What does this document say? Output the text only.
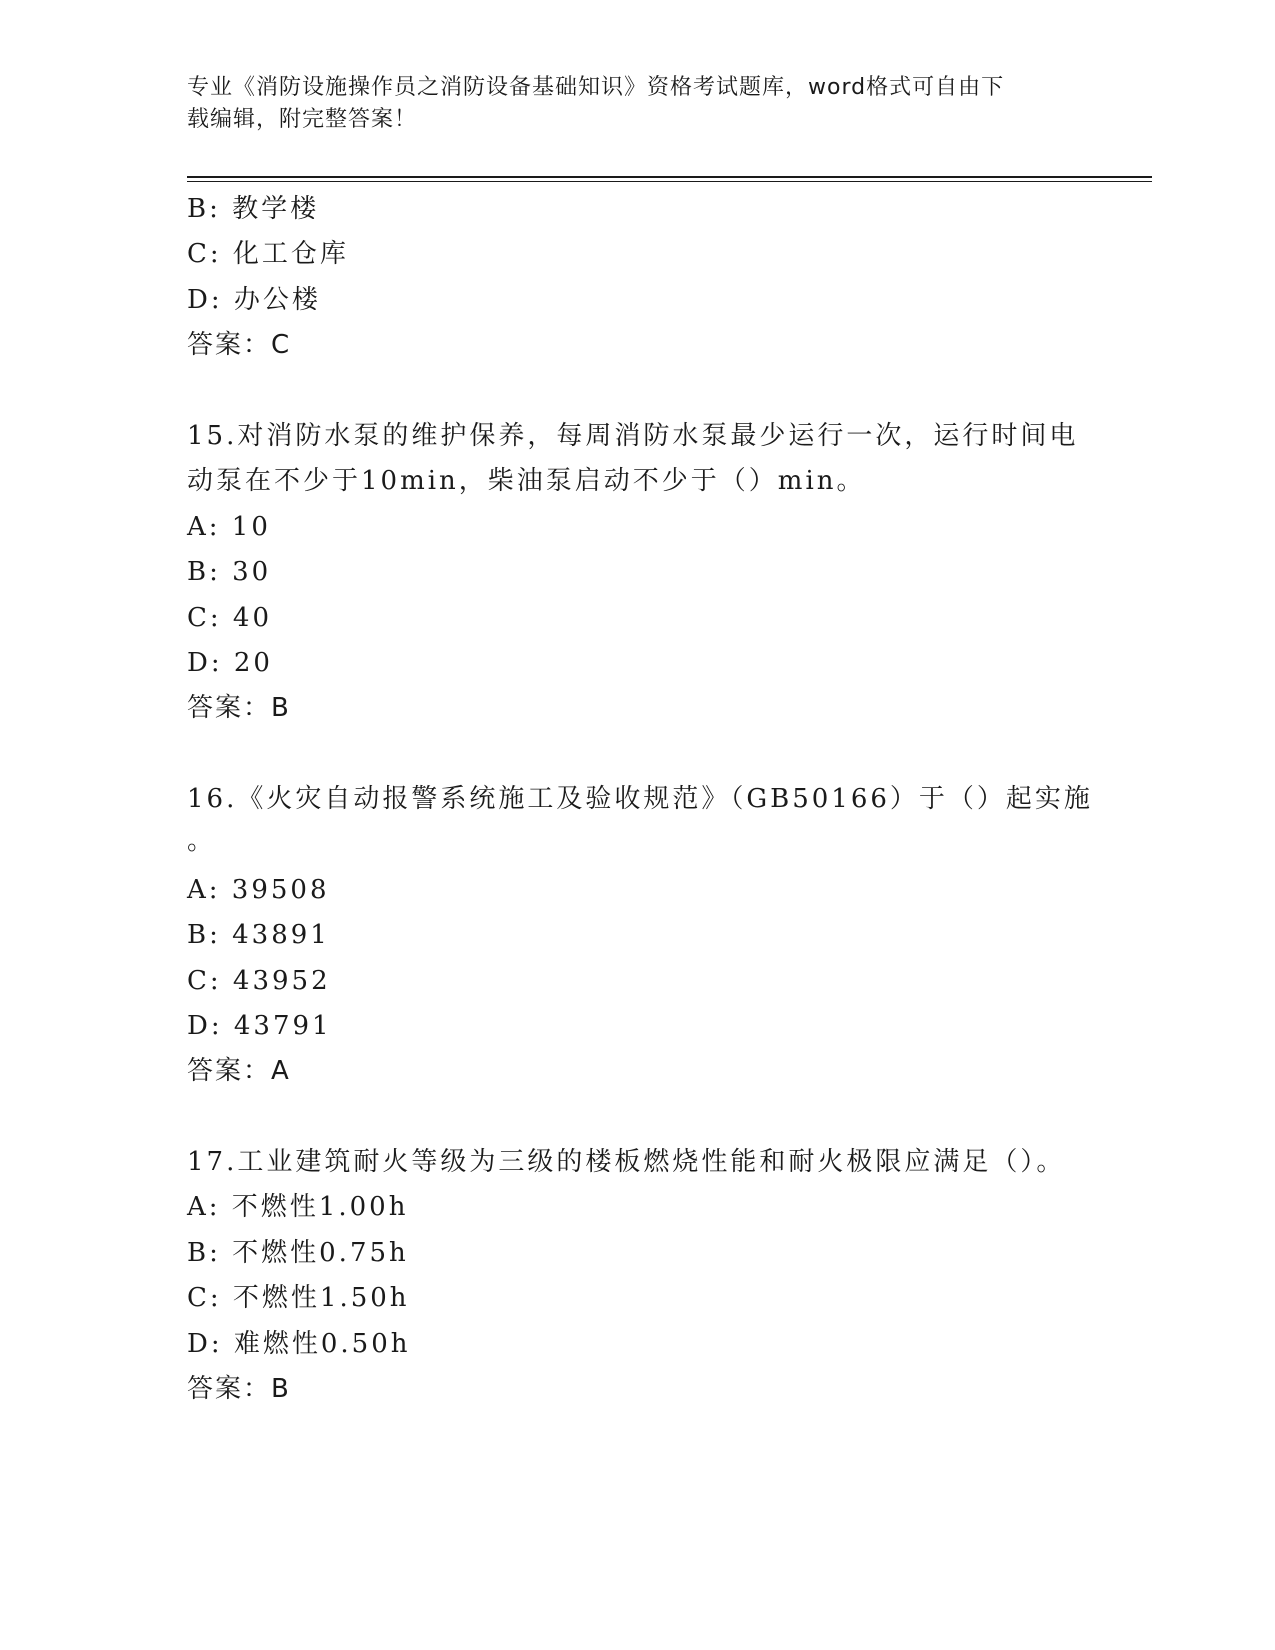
专业《消防设施操作员之消防设备基础知识》资格考试题库，word格式可自由下
载编辑，附完整答案！
B: 教学楼
C: 化工仓库
D: 办公楼
答案：C
15.对消防水泵的维护保养，每周消防水泵最少运行一次，运行时间电
动泵在不少于10min，柴油泵启动不少于（）min。
A: 10
B: 30
C: 40
D: 20
答案：B
16.《火灾自动报警系统施工及验收规范》（GB50166）于（）起实施
。
A: 39508
B: 43891
C: 43952
D: 43791
答案：A
17.工业建筑耐火等级为三级的楼板燃烧性能和耐火极限应满足（）。
A: 不燃性1.00h
B: 不燃性0.75h
C: 不燃性1.50h
D: 难燃性0.50h
答案：B
